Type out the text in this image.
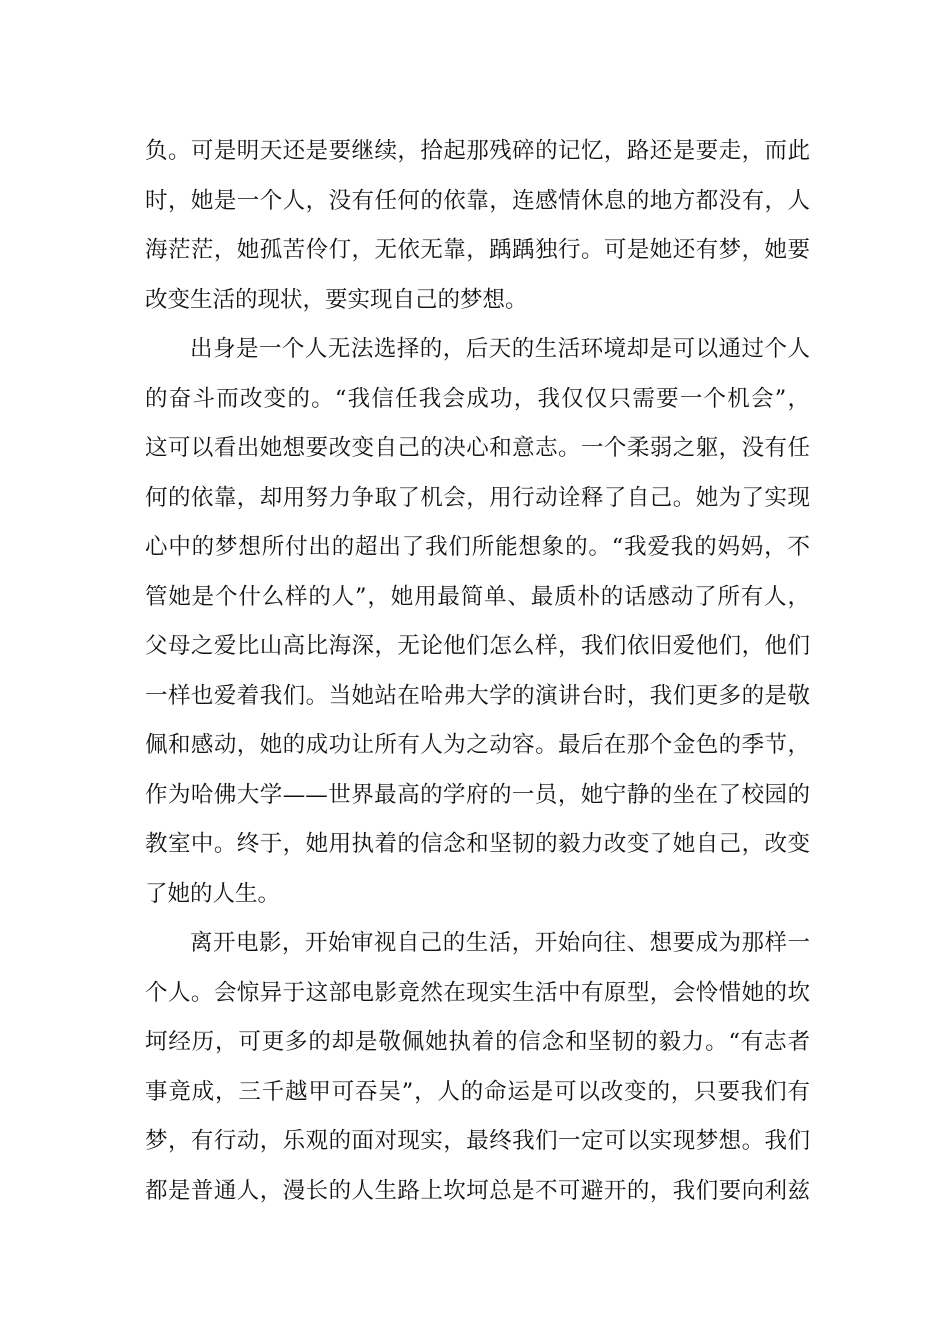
负。可是明天还是要继续，拾起那残碎的记忆，路还是要走，而此
时，她是一个人，没有任何的依靠，连感情休息的地方都没有，人
海茫茫，她孤苦伶仃，无依无靠，踽踽独行。可是她还有梦，她要
改变生活的现状，要实现自己的梦想。
出身是一个人无法选择的，后天的生活环境却是可以通过个人
的奋斗而改变的。“我信任我会成功，我仅仅只需要一个机会”，
这可以看出她想要改变自己的决心和意志。一个柔弱之躯，没有任
何的依靠，却用努力争取了机会，用行动诠释了自己。她为了实现
心中的梦想所付出的超出了我们所能想象的。“我爱我的妈妈，不
管她是个什么样的人”，她用最简单、最质朴的话感动了所有人，
父母之爱比山高比海深，无论他们怎么样，我们依旧爱他们，他们
一样也爱着我们。当她站在哈弗大学的演讲台时，我们更多的是敬
佩和感动，她的成功让所有人为之动容。最后在那个金色的季节，
作为哈佛大学——世界最高的学府的一员，她宁静的坐在了校园的
教室中。终于，她用执着的信念和坚韧的毅力改变了她自己，改变
了她的人生。
离开电影，开始审视自己的生活，开始向往、想要成为那样一
个人。会惊异于这部电影竟然在现实生活中有原型，会怜惜她的坎
坷经历，可更多的却是敬佩她执着的信念和坚韧的毅力。“有志者
事竟成，三千越甲可吞吴”，人的命运是可以改变的，只要我们有
梦，有行动，乐观的面对现实，最终我们一定可以实现梦想。我们
都是普通人，漫长的人生路上坎坷总是不可避开的，我们要向利兹
